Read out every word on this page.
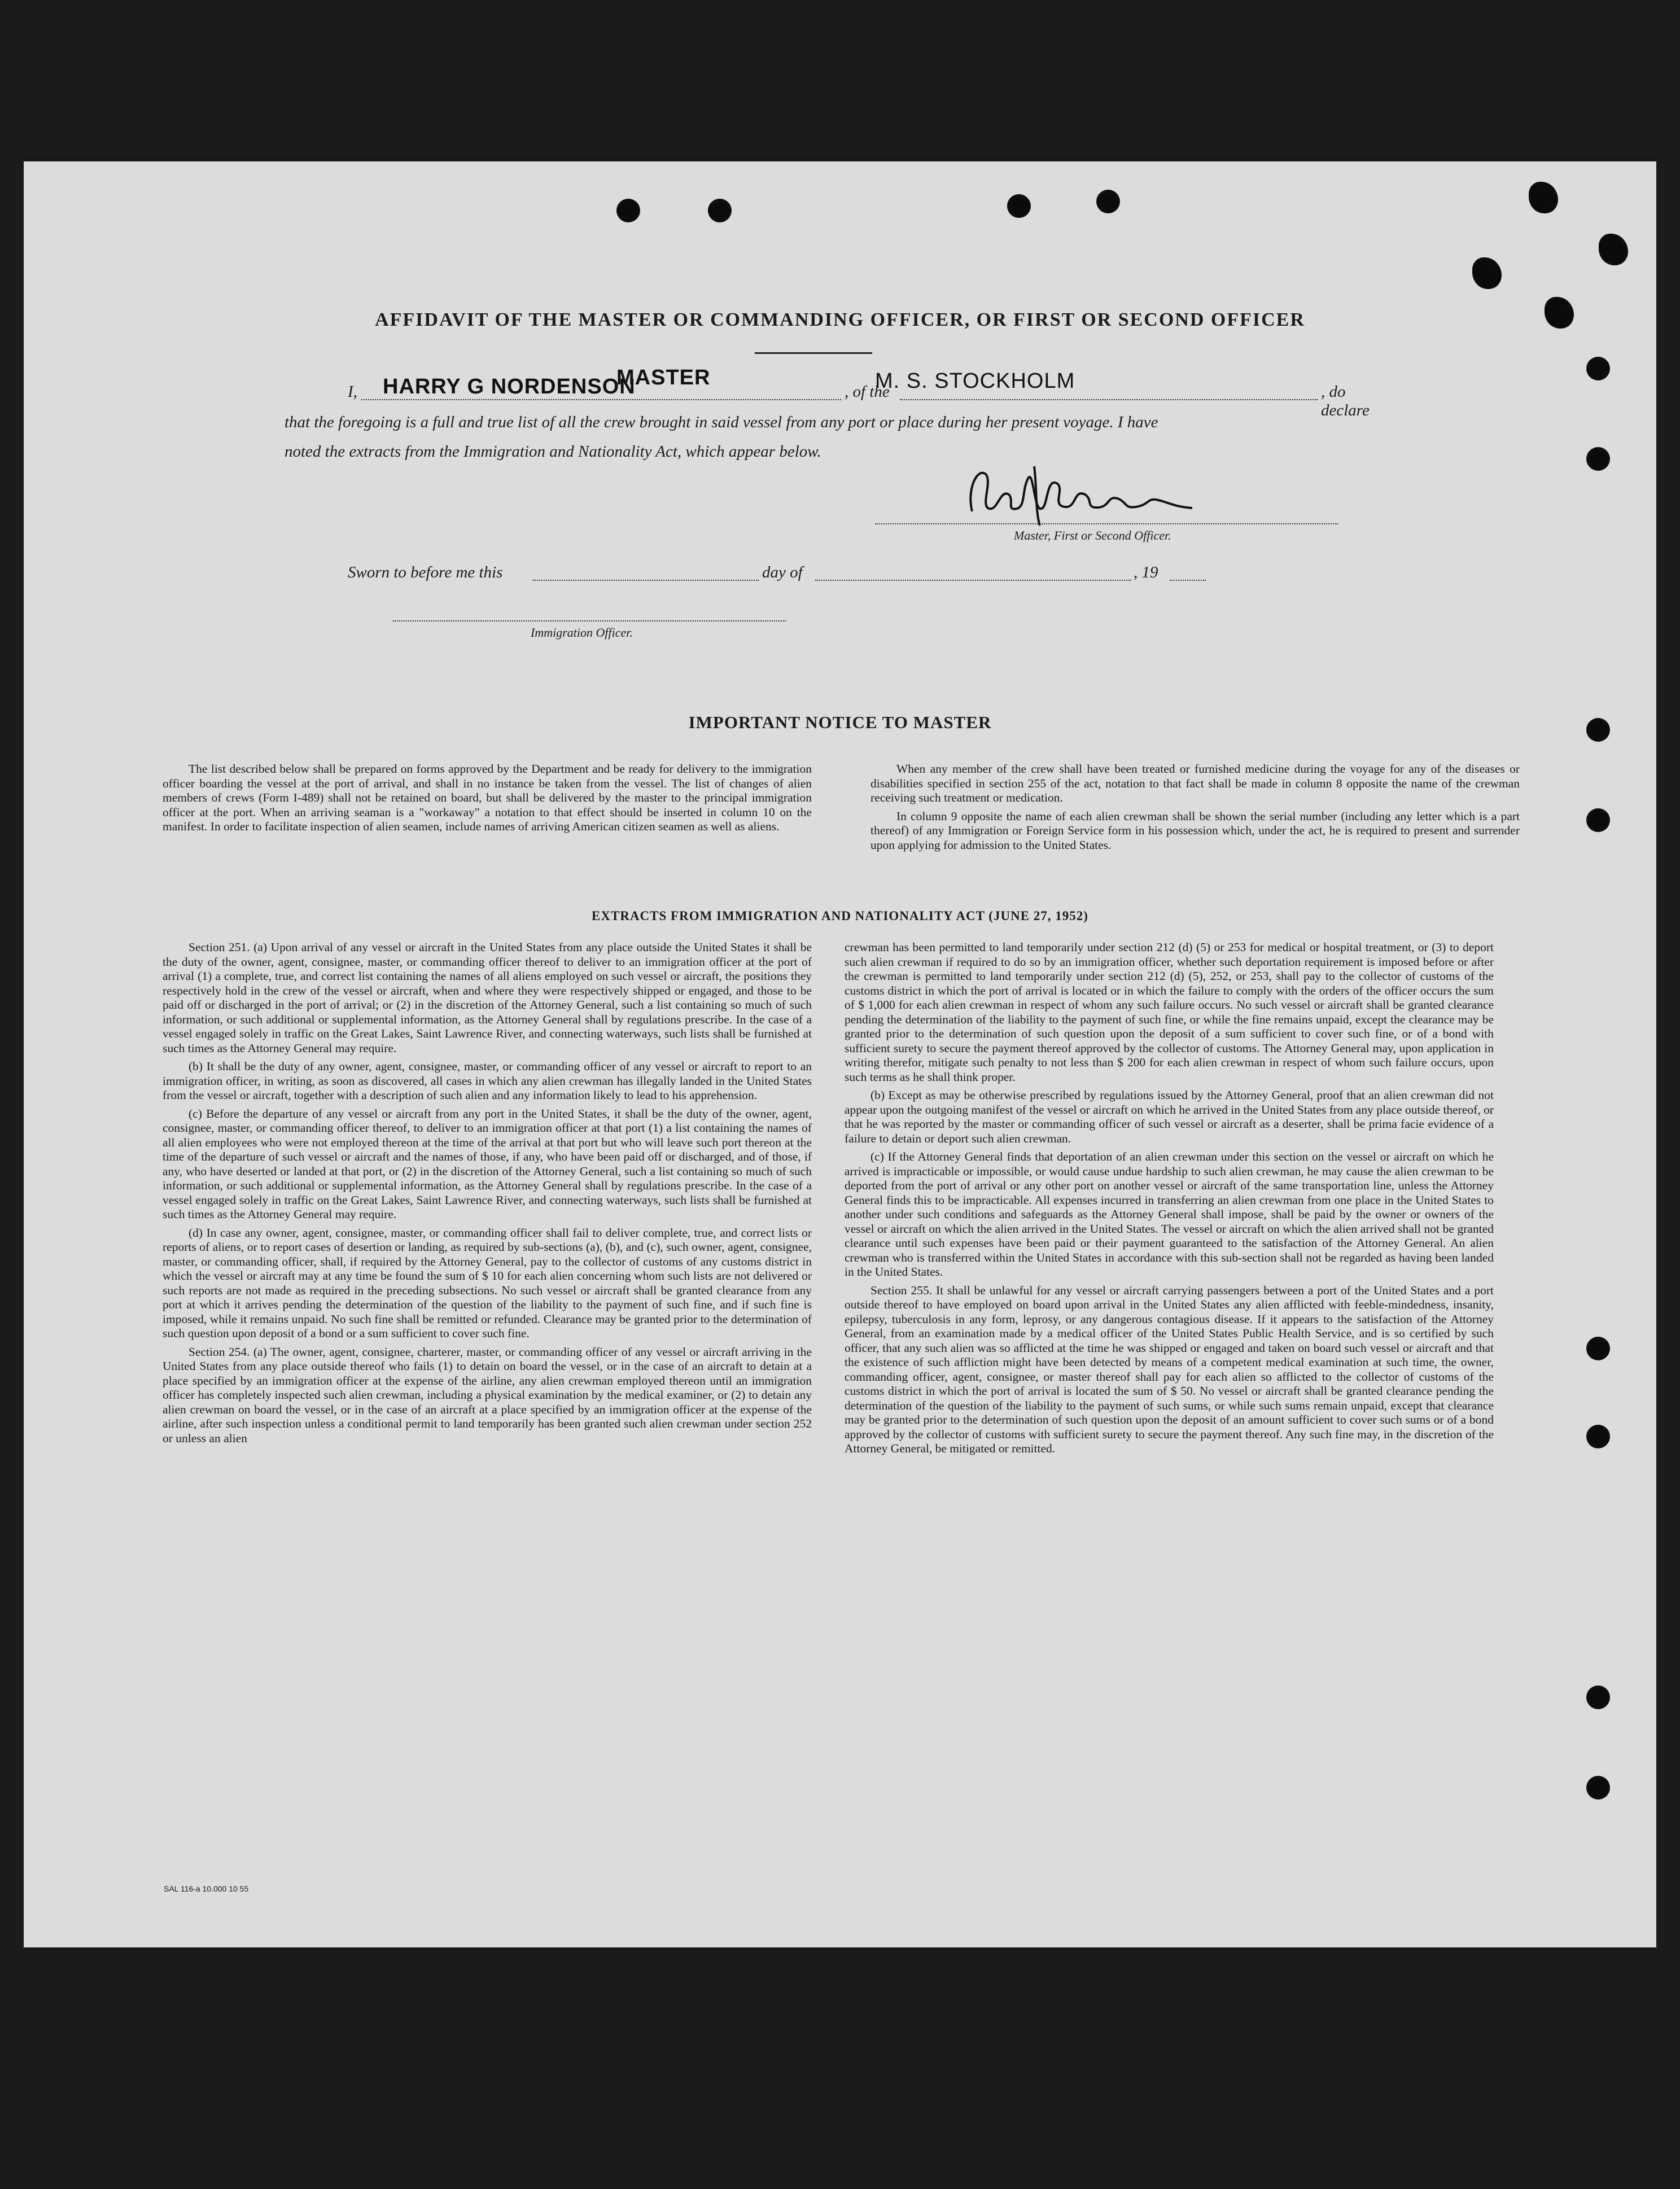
AFFIDAVIT OF THE MASTER OR COMMANDING OFFICER, OR FIRST OR SECOND OFFICER
I,	, of the	, do declare
HARRY G NORDENSON
MASTER	M. S. STOCKHOLM
that the foregoing is a full and true list of all the crew brought in said vessel from any port or place during her present voyage. I have
noted the extracts from the Immigration and Nationality Act, which appear below.
Master, First or Second Officer.
Sworn to before me this	day of	, 19
Immigration Officer.
IMPORTANT NOTICE TO MASTER

The list described below shall be prepared on forms approved by the Department and be ready for delivery to the immigration officer boarding the vessel at the port of arrival, and shall in no instance be taken from the vessel. The list of changes of alien members of crews (Form I-489) shall not be retained on board, but shall be delivered by the master to the principal immigration officer at the port. When an arriving seaman is a "workaway" a notation to that effect should be inserted in column 10 on the manifest. In order to facilitate inspection of alien seamen, include names of arriving American citizen seamen as well as aliens.

When any member of the crew shall have been treated or furnished medicine during the voyage for any of the diseases or disabilities specified in section 255 of the act, notation to that fact shall be made in column 8 opposite the name of the crewman receiving such treatment or medication.

In column 9 opposite the name of each alien crewman shall be shown the serial number (including any letter which is a part thereof) of any Immigration or Foreign Service form in his possession which, under the act, he is required to present and surrender upon applying for admission to the United States.

EXTRACTS FROM IMMIGRATION AND NATIONALITY ACT (JUNE 27, 1952)

Section 251. (a) Upon arrival of any vessel or aircraft in the United States from any place outside the United States it shall be the duty of the owner, agent, consignee, master, or commanding officer thereof to deliver to an immigration officer at the port of arrival (1) a complete, true, and correct list containing the names of all aliens employed on such vessel or aircraft, the positions they respectively hold in the crew of the vessel or aircraft, when and where they were respectively shipped or engaged, and those to be paid off or discharged in the port of arrival; or (2) in the discretion of the Attorney General, such a list containing so much of such information, or such additional or supplemental information, as the Attorney General shall by regulations prescribe. In the case of a vessel engaged solely in traffic on the Great Lakes, Saint Lawrence River, and connecting waterways, such lists shall be furnished at such times as the Attorney General may require.

(b) It shall be the duty of any owner, agent, consignee, master, or commanding officer of any vessel or aircraft to report to an immigration officer, in writing, as soon as discovered, all cases in which any alien crewman has illegally landed in the United States from the vessel or aircraft, together with a description of such alien and any information likely to lead to his apprehension.

(c) Before the departure of any vessel or aircraft from any port in the United States, it shall be the duty of the owner, agent, consignee, master, or commanding officer thereof, to deliver to an immigration officer at that port (1) a list containing the names of all alien employees who were not employed thereon at the time of the arrival at that port but who will leave such port thereon at the time of the departure of such vessel or aircraft and the names of those, if any, who have been paid off or discharged, and of those, if any, who have deserted or landed at that port, or (2) in the discretion of the Attorney General, such a list containing so much of such information, or such additional or supplemental information, as the Attorney General shall by regulations prescribe. In the case of a vessel engaged solely in traffic on the Great Lakes, Saint Lawrence River, and connecting waterways, such lists shall be furnished at such times as the Attorney General may require.

(d) In case any owner, agent, consignee, master, or commanding officer shall fail to deliver complete, true, and correct lists or reports of aliens, or to report cases of desertion or landing, as required by sub-sections (a), (b), and (c), such owner, agent, consignee, master, or commanding officer, shall, if required by the Attorney General, pay to the collector of customs of any customs district in which the vessel or aircraft may at any time be found the sum of $ 10 for each alien concerning whom such lists are not delivered or such reports are not made as required in the preceding subsections. No such vessel or aircraft shall be granted clearance from any port at which it arrives pending the determination of the question of the liability to the payment of such fine, and if such fine is imposed, while it remains unpaid. No such fine shall be remitted or refunded. Clearance may be granted prior to the determination of such question upon deposit of a bond or a sum sufficient to cover such fine.

Section 254. (a) The owner, agent, consignee, charterer, master, or commanding officer of any vessel or aircraft arriving in the United States from any place outside thereof who fails (1) to detain on board the vessel, or in the case of an aircraft to detain at a place specified by an immigration officer at the expense of the airline, any alien crewman employed thereon until an immigration officer has completely inspected such alien crewman, including a physical examination by the medical examiner, or (2) to detain any alien crewman on board the vessel, or in the case of an aircraft at a place specified by an immigration officer at the expense of the airline, after such inspection unless a conditional permit to land temporarily has been granted such alien crewman under section 252 or unless an alien

crewman has been permitted to land temporarily under section 212 (d) (5) or 253 for medical or hospital treatment, or (3) to deport such alien crewman if required to do so by an immigration officer, whether such deportation requirement is imposed before or after the crewman is permitted to land temporarily under section 212 (d) (5), 252, or 253, shall pay to the collector of customs of the customs district in which the port of arrival is located or in which the failure to comply with the orders of the officer occurs the sum of $ 1,000 for each alien crewman in respect of whom any such failure occurs. No such vessel or aircraft shall be granted clearance pending the determination of the liability to the payment of such fine, or while the fine remains unpaid, except the clearance may be granted prior to the determination of such question upon the deposit of a sum sufficient to cover such fine, or of a bond with sufficient surety to secure the payment thereof approved by the collector of customs. The Attorney General may, upon application in writing therefor, mitigate such penalty to not less than $ 200 for each alien crewman in respect of whom such failure occurs, upon such terms as he shall think proper.

(b) Except as may be otherwise prescribed by regulations issued by the Attorney General, proof that an alien crewman did not appear upon the outgoing manifest of the vessel or aircraft on which he arrived in the United States from any place outside thereof, or that he was reported by the master or commanding officer of such vessel or aircraft as a deserter, shall be prima facie evidence of a failure to detain or deport such alien crewman.

(c) If the Attorney General finds that deportation of an alien crewman under this section on the vessel or aircraft on which he arrived is impracticable or impossible, or would cause undue hardship to such alien crewman, he may cause the alien crewman to be deported from the port of arrival or any other port on another vessel or aircraft of the same transportation line, unless the Attorney General finds this to be impracticable. All expenses incurred in transferring an alien crewman from one place in the United States to another under such conditions and safeguards as the Attorney General shall impose, shall be paid by the owner or owners of the vessel or aircraft on which the alien arrived in the United States. The vessel or aircraft on which the alien arrived shall not be granted clearance until such expenses have been paid or their payment guaranteed to the satisfaction of the Attorney General. An alien crewman who is transferred within the United States in accordance with this sub-section shall not be regarded as having been landed in the United States.

Section 255. It shall be unlawful for any vessel or aircraft carrying passengers between a port of the United States and a port outside thereof to have employed on board upon arrival in the United States any alien afflicted with feeble-mindedness, insanity, epilepsy, tuberculosis in any form, leprosy, or any dangerous contagious disease. If it appears to the satisfaction of the Attorney General, from an examination made by a medical officer of the United States Public Health Service, and is so certified by such officer, that any such alien was so afflicted at the time he was shipped or engaged and taken on board such vessel or aircraft and that the existence of such affliction might have been detected by means of a competent medical examination at such time, the owner, commanding officer, agent, consignee, or master thereof shall pay for each alien so afflicted to the collector of customs of the customs district in which the port of arrival is located the sum of $ 50. No vessel or aircraft shall be granted clearance pending the determination of the question of the liability to the payment of such sums, or while such sums remain unpaid, except that clearance may be granted prior to the determination of such question upon the deposit of an amount sufficient to cover such sums or of a bond approved by the collector of customs with sufficient surety to secure the payment thereof. Any such fine may, in the discretion of the Attorney General, be mitigated or remitted.

SAL 116-a 10.000 10 55
